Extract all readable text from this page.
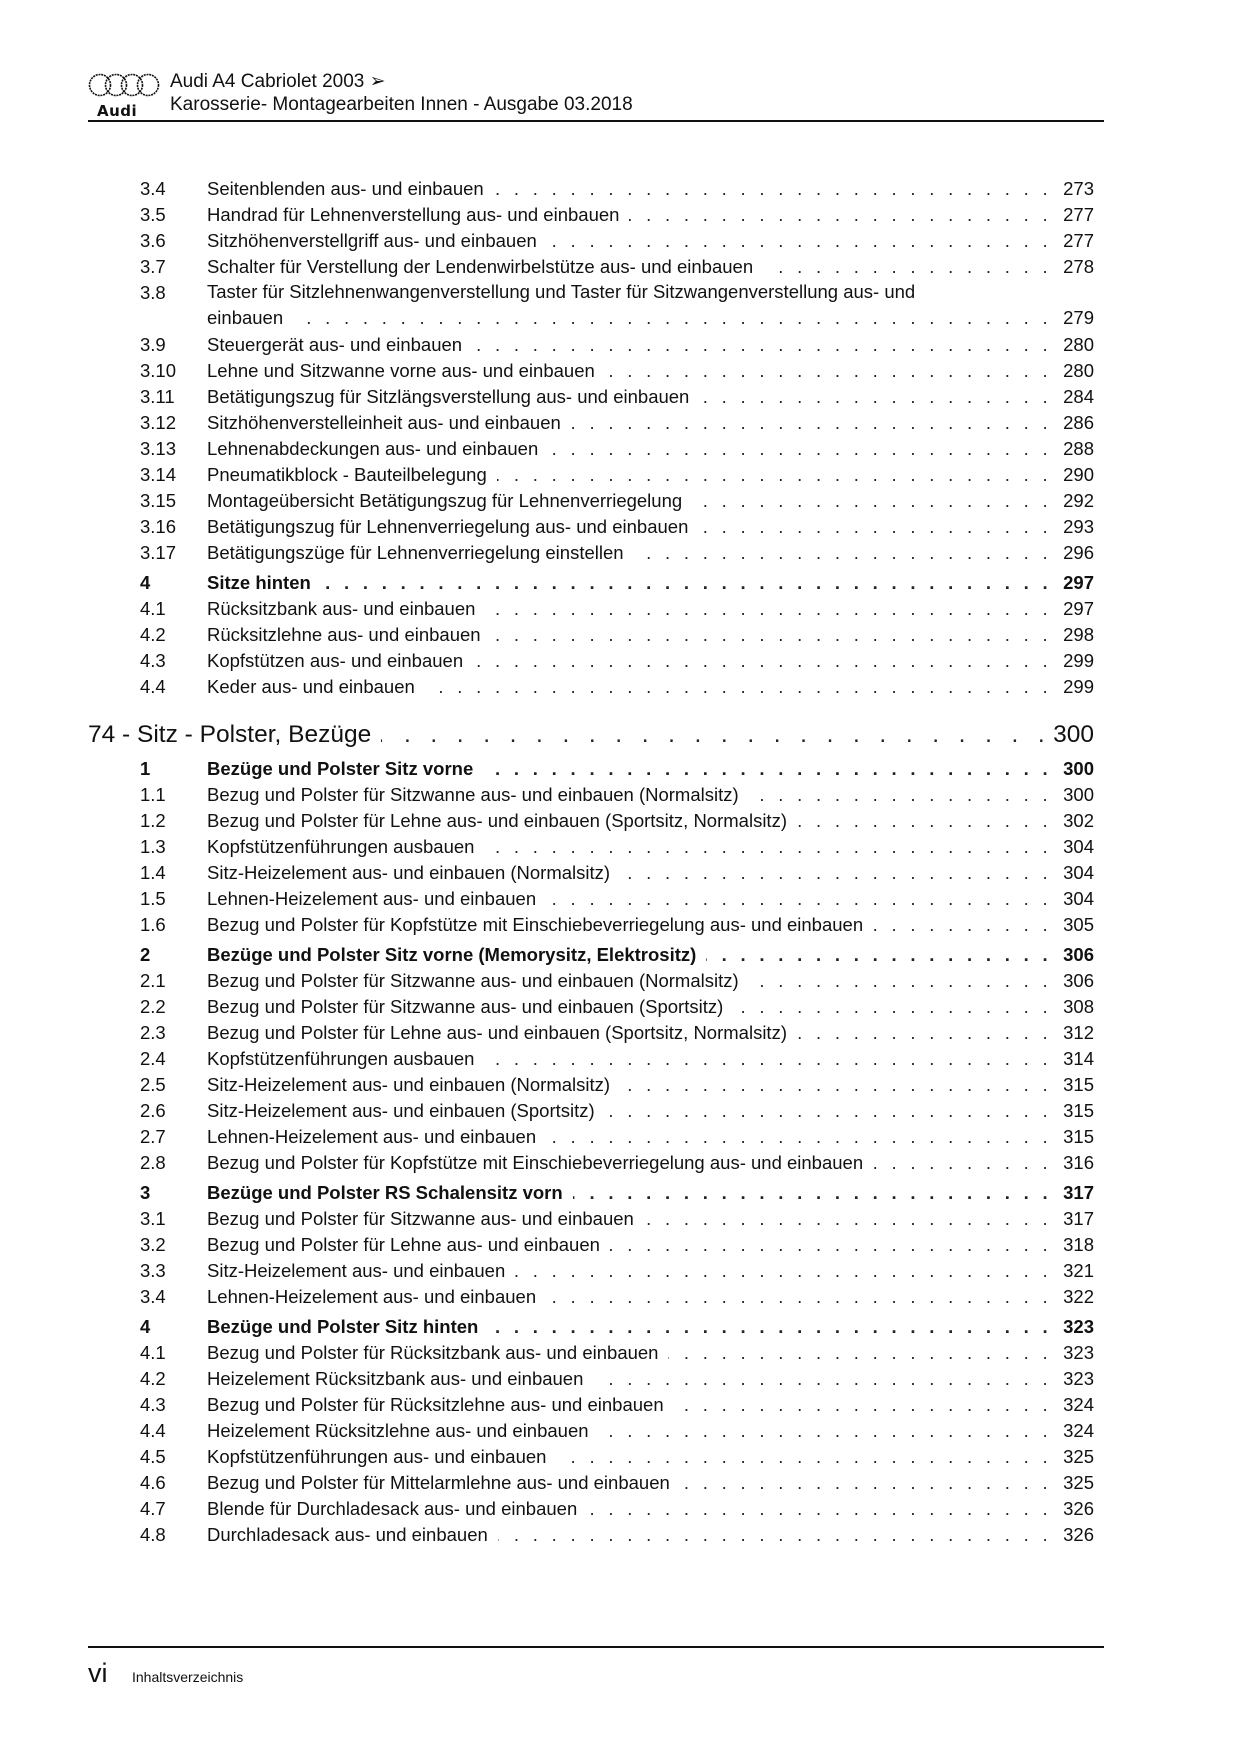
Audi
Audi A4 Cabriolet 2003 ➢
Karosserie- Montagearbeiten Innen - Ausgabe 03.2018
3.4 Seitenblenden aus- und einbauen . . .	273
3.5 Handrad für Lehnenverstellung aus- und einbauen . . .	277
3.6 Sitzhöhenverstellgriff aus- und einbauen . . .	277
3.7 Schalter für Verstellung der Lendenwirbelstütze aus- und einbauen . . .	278
3.8 Taster für Sitzlehnenwangenverstellung und Taster für Sitzwangenverstellung aus- und
einbauen . . .	279
3.9 Steuergerät aus- und einbauen . . .	280
3.10 Lehne und Sitzwanne vorne aus- und einbauen . . .	280
3.11 Betätigungszug für Sitzlängsverstellung aus- und einbauen . . .	284
3.12 Sitzhöhenverstelleinheit aus- und einbauen . . .	286
3.13 Lehnenabdeckungen aus- und einbauen . . .	288
3.14 Pneumatikblock - Bauteilbelegung . . .	290
3.15 Montageübersicht Betätigungszug für Lehnenverriegelung . . .	292
3.16 Betätigungszug für Lehnenverriegelung aus- und einbauen . . .	293
3.17 Betätigungszüge für Lehnenverriegelung einstellen . . .	296
4	Sitze hinten . . .	297
4.1 Rücksitzbank aus- und einbauen . . .	297
4.2 Rücksitzlehne aus- und einbauen . . .	298
4.3 Kopfstützen aus- und einbauen . . .	299
4.4 Keder aus- und einbauen . . .	299
74 - Sitz - Polster, Bezüge . . .	300
1	Bezüge und Polster Sitz vorne . . .	300
1.1 Bezug und Polster für Sitzwanne aus- und einbauen (Normalsitz) . . .	300
1.2 Bezug und Polster für Lehne aus- und einbauen (Sportsitz, Normalsitz) . . .	302
1.3 Kopfstützenführungen ausbauen . . .	304
1.4 Sitz-Heizelement aus- und einbauen (Normalsitz) . . .	304
1.5 Lehnen-Heizelement aus- und einbauen . . .	304
1.6 Bezug und Polster für Kopfstütze mit Einschiebeverriegelung aus- und einbauen . . .	305
2	Bezüge und Polster Sitz vorne (Memorysitz, Elektrositz) . . .	306
2.1 Bezug und Polster für Sitzwanne aus- und einbauen (Normalsitz) . . .	306
2.2 Bezug und Polster für Sitzwanne aus- und einbauen (Sportsitz) . . .	308
2.3 Bezug und Polster für Lehne aus- und einbauen (Sportsitz, Normalsitz) . . .	312
2.4 Kopfstützenführungen ausbauen . . .	314
2.5 Sitz-Heizelement aus- und einbauen (Normalsitz) . . .	315
2.6 Sitz-Heizelement aus- und einbauen (Sportsitz) . . .	315
2.7 Lehnen-Heizelement aus- und einbauen . . .	315
2.8 Bezug und Polster für Kopfstütze mit Einschiebeverriegelung aus- und einbauen . . .	316
3	Bezüge und Polster RS Schalensitz vorn . . .	317
3.1 Bezug und Polster für Sitzwanne aus- und einbauen . . .	317
3.2 Bezug und Polster für Lehne aus- und einbauen . . .	318
3.3 Sitz-Heizelement aus- und einbauen . . .	321
3.4 Lehnen-Heizelement aus- und einbauen . . .	322
4	Bezüge und Polster Sitz hinten . . .	323
4.1 Bezug und Polster für Rücksitzbank aus- und einbauen . . .	323
4.2 Heizelement Rücksitzbank aus- und einbauen . . .	323
4.3 Bezug und Polster für Rücksitzlehne aus- und einbauen . . .	324
4.4 Heizelement Rücksitzlehne aus- und einbauen . . .	324
4.5 Kopfstützenführungen aus- und einbauen . . .	325
4.6 Bezug und Polster für Mittelarmlehne aus- und einbauen . . .	325
4.7 Blende für Durchladesack aus- und einbauen . . .	326
4.8 Durchladesack aus- und einbauen . . .	326
vi Inhaltsverzeichnis
